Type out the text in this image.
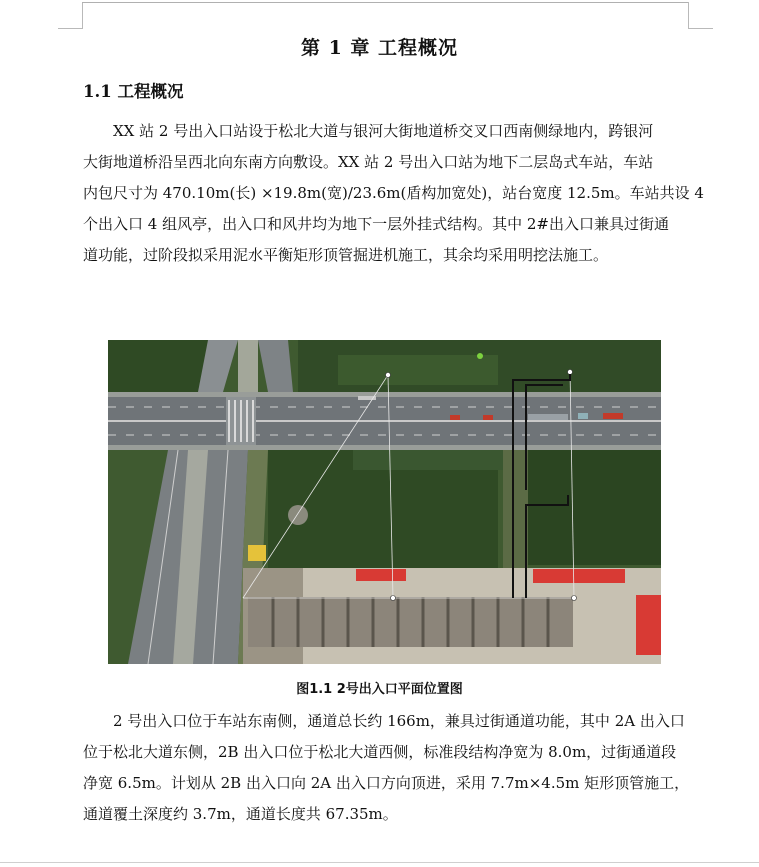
第 1 章 工程概况
1.1 工程概况
XX 站 2 号出入口站设于松北大道与银河大街地道桥交叉口西南侧绿地内，跨银河
大街地道桥沿呈西北向东南方向敷设。XX 站 2 号出入口站为地下二层岛式车站，车站
内包尺寸为 470.10m(长) ×19.8m(宽)/23.6m(盾构加宽处)，站台宽度 12.5m。车站共设 4
个出入口 4 组风亭，出入口和风井均为地下一层外挂式结构。其中 2#出入口兼具过街通
道功能，过阶段拟采用泥水平衡矩形顶管掘进机施工，其余均采用明挖法施工。
图1.1 2号出入口平面位置图
2 号出入口位于车站东南侧，通道总长约 166m，兼具过街通道功能，其中 2A 出入口
位于松北大道东侧，2B 出入口位于松北大道西侧，标准段结构净宽为 8.0m，过街通道段
净宽 6.5m。计划从 2B 出入口向 2A 出入口方向顶进，采用 7.7m×4.5m 矩形顶管施工，
通道覆土深度约 3.7m，通道长度共 67.35m。
